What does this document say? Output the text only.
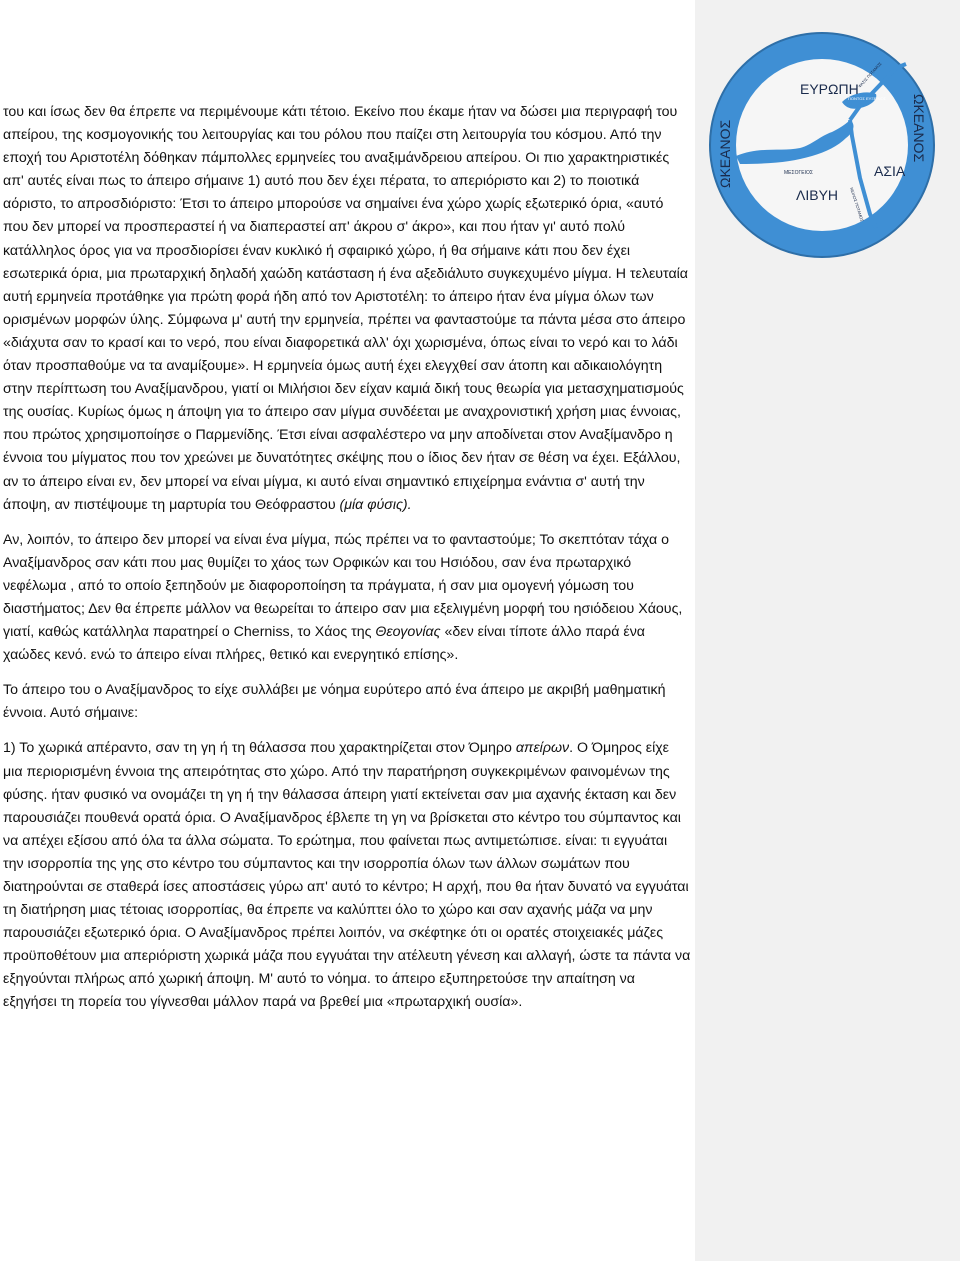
ΕΥΡΩΠΗ
ΑΣΙΑ
ΛΙΒΥΗ
ΜΕΣΟΓΕΙΟΣ
ΠΟΝΤΟΣ ΕΥΞΕΙΝΟΣ
ΦΑΣΙΣ ΠΟΤΑΜΟΣ
ΝΕΙΛΟΣ ΠΟΤΑΜΟΣ
ΩΚΕΑΝΟΣ	ΩΚΕΑΝΟΣ

του και ίσως δεν θα έπρεπε να περιμένουμε κάτι τέτοιο. Εκείνο που έκαμε ήταν να δώσει μια περιγραφή του απείρου, της κοσμογονικής του λειτουργίας και του ρόλου που παίζει στη λειτουργία του κόσμου. Από την εποχή του Αριστοτέλη δόθηκαν πάμπολλες ερμηνείες του αναξιμάνδρειου απείρου. Οι πιο χαρακτηριστικές απ' αυτές είναι πως το άπειρο σήμαινε 1) αυτό που δεν έχει πέρατα, το απεριόριστο και 2) το ποιοτικά αόριστο, το απροσδιόριστο: Έτσι το άπειρο μπορούσε να σημαίνει ένα χώρο χωρίς εξωτερικό όρια, «αυτό που δεν μπορεί να προσπεραστεί ή να διαπεραστεί απ' άκρου σ' άκρο», και που ήταν γι' αυτό πολύ κατάλληλος όρος για να προσδιορίσει έναν κυκλικό ή σφαιρικό χώρο, ή θα σήμαινε κάτι που δεν έχει εσωτερικά όρια, μια πρωταρχική δηλαδή χαώδη κατάσταση ή ένα αξεδιάλυτο συγκεχυμένο μίγμα. Η τελευταία αυτή ερμηνεία προτάθηκε για πρώτη φορά ήδη από τον Αριστοτέλη: το άπειρο ήταν ένα μίγμα όλων των ορισμένων μορφών ύλης. Σύμφωνα μ' αυτή την ερμηνεία, πρέπει να φανταστούμε τα πάντα μέσα στο άπειρο «διάχυτα σαν το κρασί και το νερό, που είναι διαφορετικά αλλ' όχι χωρισμένα, όπως είναι το νερό και το λάδι όταν προσπαθούμε να τα αναμίξουμε». Η ερμηνεία όμως αυτή έχει ελεγχθεί σαν άτοπη και αδικαιολόγητη στην περίπτωση του Αναξίμανδρου, γιατί οι Μιλήσιοι δεν είχαν καμιά δική τους θεωρία για μετασχηματισμούς της ουσίας. Κυρίως όμως η άποψη για το άπειρο σαν μίγμα συνδέεται με αναχρονιστική χρήση μιας έννοιας, που πρώτος χρησιμοποίησε ο Παρμενίδης. Έτσι είναι ασφαλέστερο να μην αποδίνεται στον Αναξίμανδρο η έννοια του μίγματος που τον χρεώνει με δυνατότητες σκέψης που ο ίδιος δεν ήταν σε θέση να έχει. Εξάλλου, αν το άπειρο είναι εν, δεν μπορεί να είναι μίγμα, κι αυτό είναι σημαντικό επιχείρημα ενάντια σ' αυτή την άποψη, αν πιστέψουμε τη μαρτυρία του Θεόφραστου (μία φύσις).

Αν, λοιπόν, το άπειρο δεν μπορεί να είναι ένα μίγμα, πώς πρέπει να το φανταστούμε; Το σκεπτόταν τάχα ο Αναξίμανδρος σαν κάτι που μας θυμίζει το χάος των Ορφικών και του Ησιόδου, σαν ένα πρωταρχικό νεφέλωμα , από το οποίο ξεπηδούν με διαφοροποίηση τα πράγματα, ή σαν μια ομογενή γόμωση του διαστήματος; Δεν θα έπρεπε μάλλον να θεωρείται το άπειρο σαν μια εξελιγμένη μορφή του ησιόδειου Χάους, γιατί, καθώς κατάλληλα παρατηρεί ο Cherniss, το Χάος της Θεογονίας «δεν είναι τίποτε άλλο παρά ένα χαώδες κενό. ενώ το άπειρο είναι πλήρες, θετικό και ενεργητικό επίσης».

Το άπειρο του ο Αναξίμανδρος το είχε συλλάβει με νόημα ευρύτερο από ένα άπειρο με ακριβή μαθηματική έννοια. Αυτό σήμαινε:

1) Το χωρικά απέραντο, σαν τη γη ή τη θάλασσα που χαρακτηρίζεται στον Όμηρο απείρων. Ο Όμηρος είχε μια περιορισμένη έννοια της απειρότητας στο χώρο. Από την παρατήρηση συγκεκριμένων φαινομένων της φύσης. ήταν φυσικό να ονομάζει τη γη ή την θάλασσα άπειρη γιατί εκτείνεται σαν μια αχανής έκταση και δεν παρουσιάζει πουθενά ορατά όρια. Ο Αναξίμανδρος έβλεπε τη γη να βρίσκεται στο κέντρο του σύμπαντος και να απέχει εξίσου από όλα τα άλλα σώματα. Το ερώτημα, που φαίνεται πως αντιμετώπισε. είναι: τι εγγυάται την ισορροπία της γης στο κέντρο του σύμπαντος και την ισορροπία όλων των άλλων σωμάτων που διατηρούνται σε σταθερά ίσες αποστάσεις γύρω απ' αυτό το κέντρο; Η αρχή, που θα ήταν δυνατό να εγγυάται τη διατήρηση μιας τέτοιας ισορροπίας, θα έπρεπε να καλύπτει όλο το χώρο και σαν αχανής μάζα να μην παρουσιάζει εξωτερικό όρια. Ο Αναξίμανδρος πρέπει λοιπόν, να σκέφτηκε ότι οι ορατές στοιχειακές μάζες προϋποθέτουν μια απεριόριστη χωρικά μάζα που εγγυάται την ατέλευτη γένεση και αλλαγή, ώστε τα πάντα να εξηγούνται πλήρως από χωρική άποψη. Μ' αυτό το νόημα. το άπειρο εξυπηρετούσε την απαίτηση να εξηγήσει τη πορεία του γίγνεσθαι μάλλον παρά να βρεθεί μια «πρωταρχική ουσία».
